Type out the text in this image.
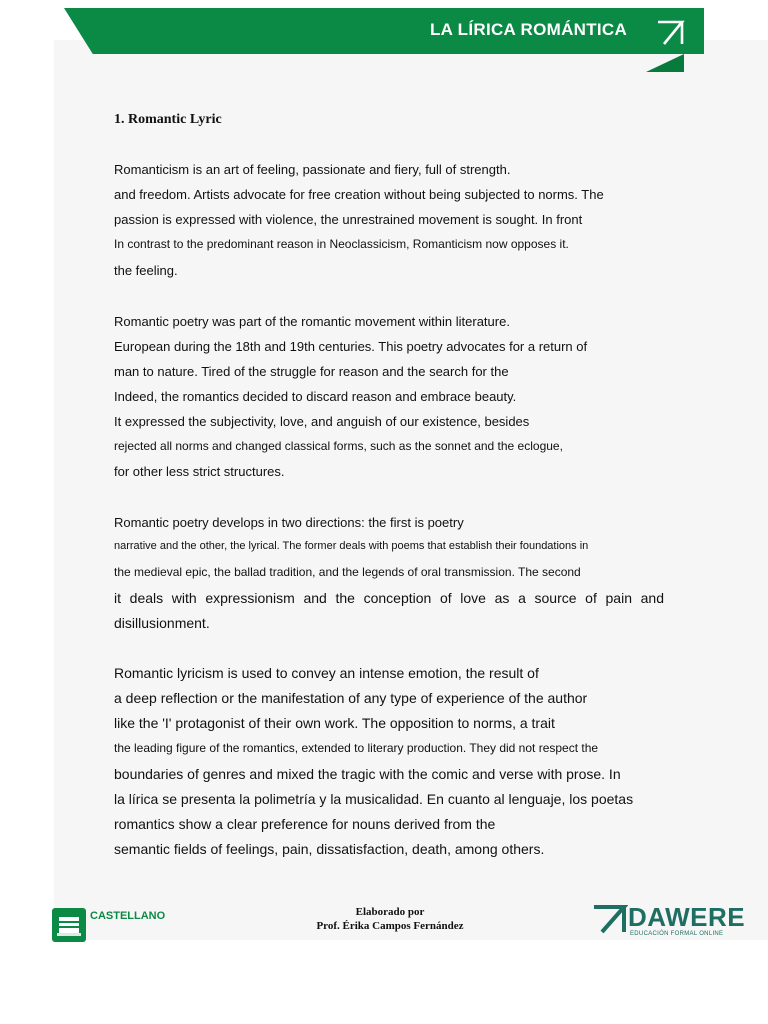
LA LÍRICA ROMÁNTICA
1. Romantic Lyric
Romanticism is an art of feeling, passionate and fiery, full of strength.
and freedom. Artists advocate for free creation without being subjected to norms. The
passion is expressed with violence, the unrestrained movement is sought. In front
In contrast to the predominant reason in Neoclassicism, Romanticism now opposes it.
the feeling.
Romantic poetry was part of the romantic movement within literature.
European during the 18th and 19th centuries. This poetry advocates for a return of
man to nature. Tired of the struggle for reason and the search for the
Indeed, the romantics decided to discard reason and embrace beauty.
It expressed the subjectivity, love, and anguish of our existence, besides
rejected all norms and changed classical forms, such as the sonnet and the eclogue,
for other less strict structures.
Romantic poetry develops in two directions: the first is poetry
narrative and the other, the lyrical. The former deals with poems that establish their foundations in
the medieval epic, the ballad tradition, and the legends of oral transmission. The second
it deals with expressionism and the conception of love as a source of pain and
disillusionment.
Romantic lyricism is used to convey an intense emotion, the result of
a deep reflection or the manifestation of any type of experience of the author
like the 'I' protagonist of their own work. The opposition to norms, a trait
the leading figure of the romantics, extended to literary production. They did not respect the
boundaries of genres and mixed the tragic with the comic and verse with prose. In
la lírica se presenta la polimetría y la musicalidad. En cuanto al lenguaje, los poetas
romantics show a clear preference for nouns derived from the
semantic fields of feelings, pain, dissatisfaction, death, among others.
CASTELLANO	Elaborado por
Prof. Érika Campos Fernández	DAWERE
EDUCACIÓN FORMAL ONLINE
